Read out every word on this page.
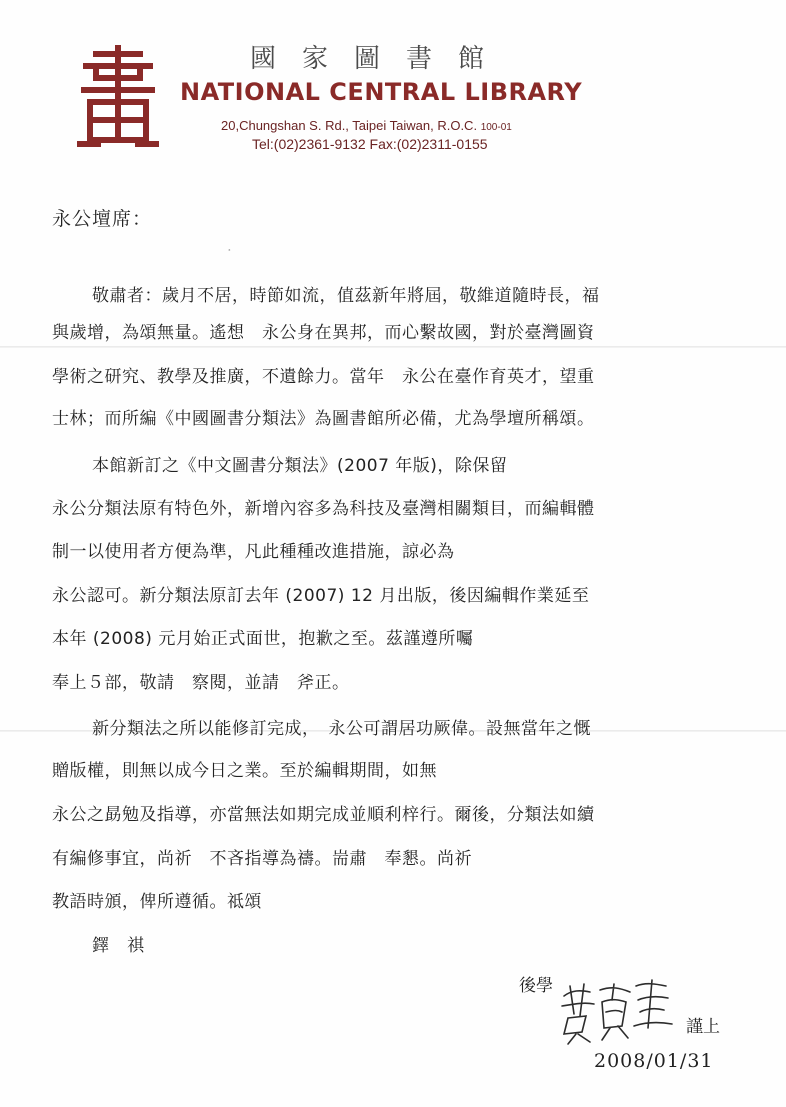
國家圖書館
NATIONAL CENTRAL LIBRARY
20,Chungshan S. Rd., Taipei Taiwan, R.O.C. 100-01
Tel:(02)2361-9132 Fax:(02)2311-0155
永公壇席：
ﾞ
敬肅者：歲月不居，時節如流，值茲新年將屆，敬維道隨時長，福
與歲增，為頌無量。遙想　永公身在異邦，而心繫故國，對於臺灣圖資
學術之研究、教學及推廣，不遺餘力。當年　永公在臺作育英才，望重
士林；而所編《中國圖書分類法》為圖書館所必備，尤為學壇所稱頌。
本館新訂之《中文圖書分類法》(2007 年版)，除保留
永公分類法原有特色外，新增內容多為科技及臺灣相關類目，而編輯體
制一以使用者方便為準，凡此種種改進措施，諒必為
永公認可。新分類法原訂去年 (2007) 12 月出版，後因編輯作業延至
本年 (2008) 元月始正式面世，抱歉之至。茲謹遵所囑
奉上５部，敬請　察閱，並請　斧正。
新分類法之所以能修訂完成，　永公可謂居功厥偉。設無當年之慨
贈版權，則無以成今日之業。至於編輯期間，如無
永公之勗勉及指導，亦當無法如期完成並順利梓行。爾後，分類法如續
有編修事宜，尚祈　不吝指導為禱。耑肅　奉懇。尚祈
教語時頒，俾所遵循。祗頌
鐸　祺
後學
謹上
2008/01/31
